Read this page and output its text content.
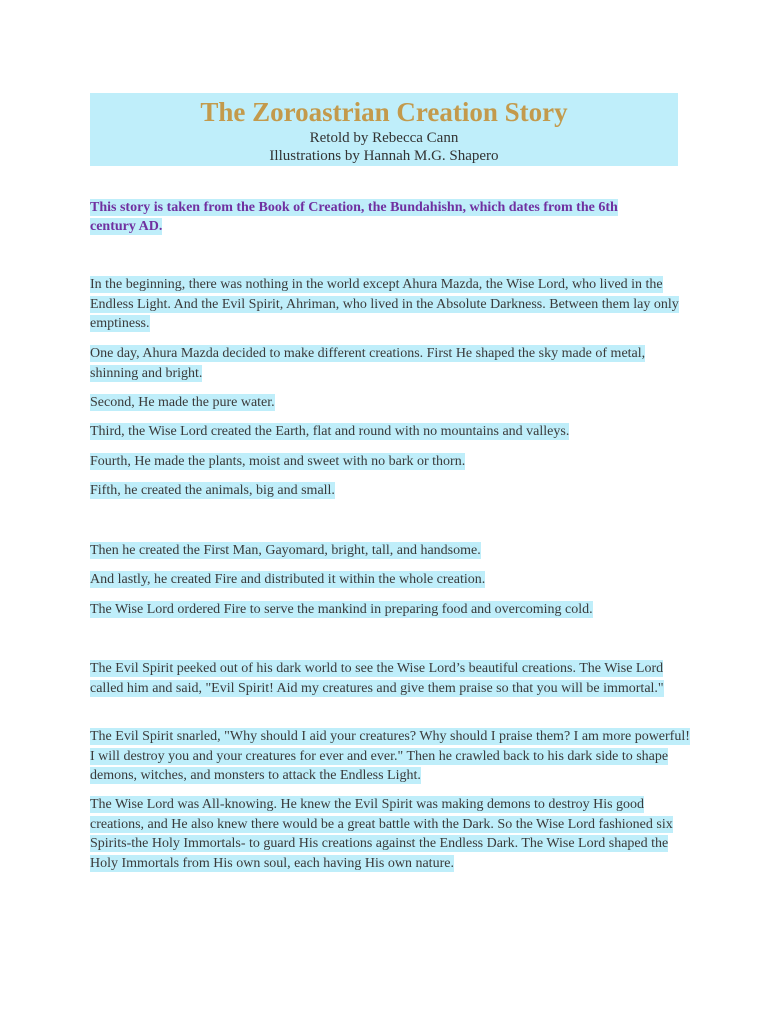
The Zoroastrian Creation Story
Retold by Rebecca Cann
Illustrations by Hannah M.G. Shapero
This story is taken from the Book of Creation, the Bundahishn, which dates from the 6th century AD.
In the beginning, there was nothing in the world except Ahura Mazda, the Wise Lord, who lived in the Endless Light. And the Evil Spirit, Ahriman, who lived in the Absolute Darkness. Between them lay only emptiness.
One day, Ahura Mazda decided to make different creations. First He shaped the sky made of metal, shinning and bright.
Second, He made the pure water.
Third, the Wise Lord created the Earth, flat and round with no mountains and valleys.
Fourth, He made the plants, moist and sweet with no bark or thorn.
Fifth, he created the animals, big and small.
Then he created the First Man, Gayomard, bright, tall, and handsome.
And lastly, he created Fire and distributed it within the whole creation.
The Wise Lord ordered Fire to serve the mankind in preparing food and overcoming cold.
The Evil Spirit peeked out of his dark world to see the Wise Lord’s beautiful creations. The Wise Lord called him and said, "Evil Spirit! Aid my creatures and give them praise so that you will be immortal."
The Evil Spirit snarled, "Why should I aid your creatures? Why should I praise them? I am more powerful! I will destroy you and your creatures for ever and ever." Then he crawled back to his dark side to shape demons, witches, and monsters to attack the Endless Light.
The Wise Lord was All-knowing. He knew the Evil Spirit was making demons to destroy His good creations, and He also knew there would be a great battle with the Dark. So the Wise Lord fashioned six Spirits-the Holy Immortals- to guard His creations against the Endless Dark. The Wise Lord shaped the Holy Immortals from His own soul, each having His own nature.
